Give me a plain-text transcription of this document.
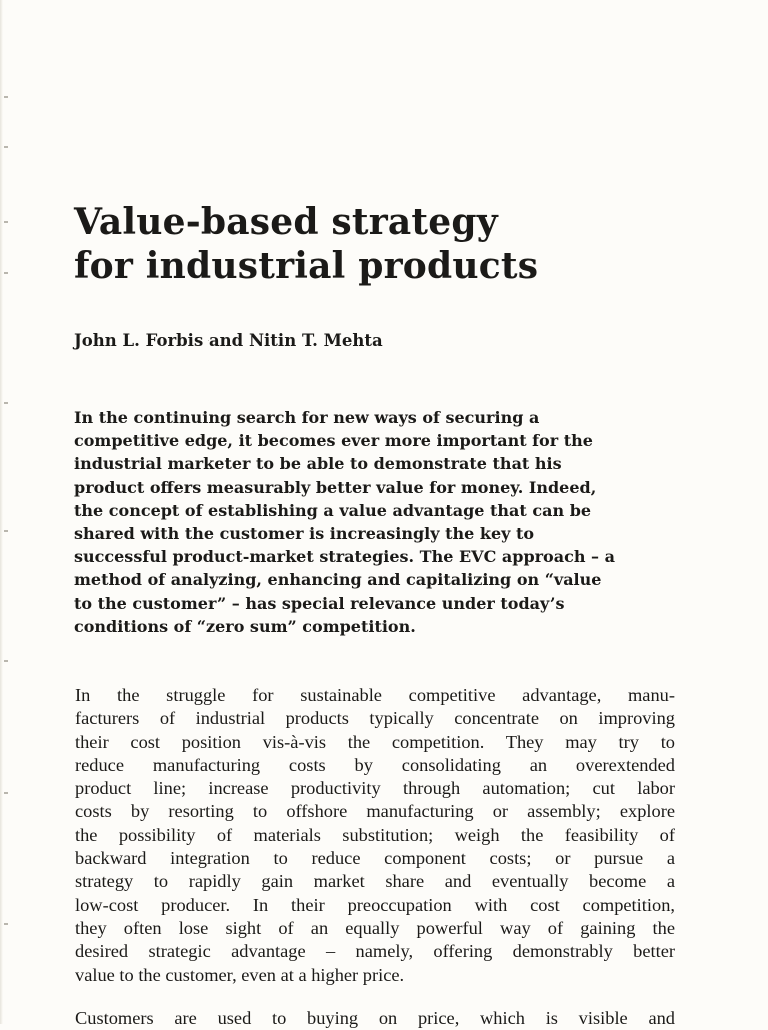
Value-based strategy
for industrial products
John L. Forbis and Nitin T. Mehta
In the continuing search for new ways of securing a
competitive edge, it becomes ever more important for the
industrial marketer to be able to demonstrate that his
product offers measurably better value for money. Indeed,
the concept of establishing a value advantage that can be
shared with the customer is increasingly the key to
successful product-market strategies. The EVC approach – a
method of analyzing, enhancing and capitalizing on “value
to the customer” – has special relevance under today’s
conditions of “zero sum” competition.

In the struggle for sustainable competitive advantage, manu-
facturers of industrial products typically concentrate on improving
their cost position vis-à-vis the competition. They may try to
reduce manufacturing costs by consolidating an overextended
product line; increase productivity through automation; cut labor
costs by resorting to offshore manufacturing or assembly; explore
the possibility of materials substitution; weigh the feasibility of
backward integration to reduce component costs; or pursue a
strategy to rapidly gain market share and eventually become a
low-cost producer. In their preoccupation with cost competition,
they often lose sight of an equally powerful way of gaining the
desired strategic advantage – namely, offering demonstrably better
value to the customer, even at a higher price.

Customers are used to buying on price, which is visible and
